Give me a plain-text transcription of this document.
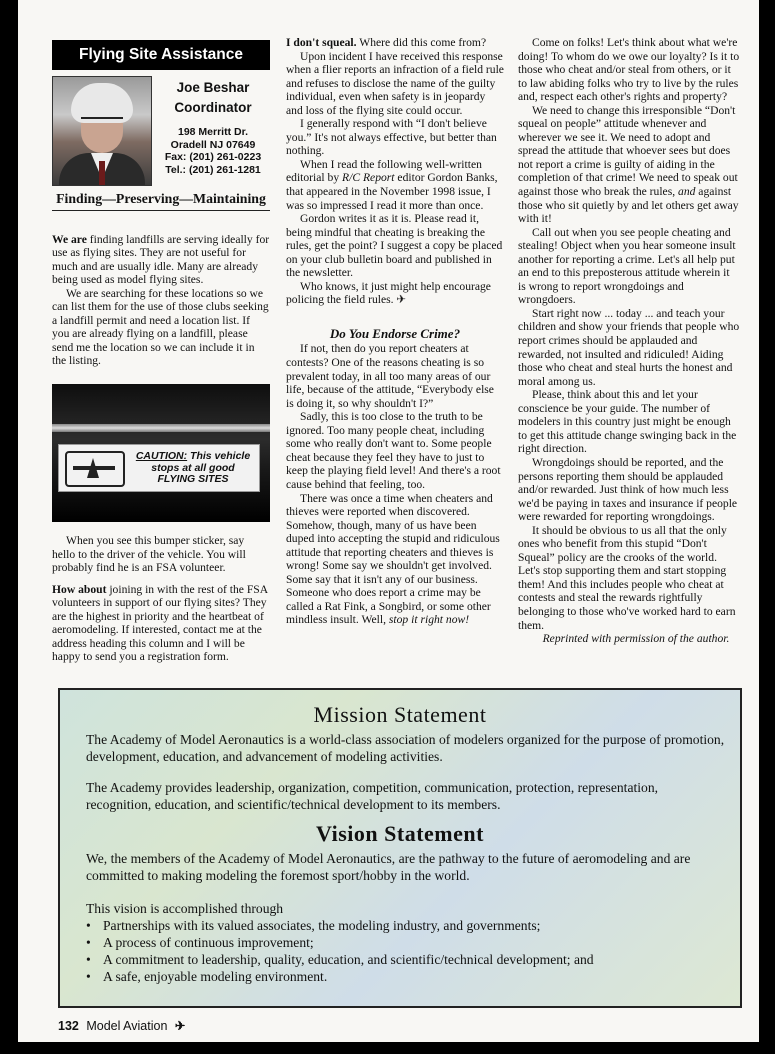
Flying Site Assistance
Joe Beshar
Coordinator
198 Merritt Dr.
Oradell NJ 07649
Fax: (201) 261-0223
Tel.: (201) 261-1281
Finding—Preserving—Maintaining

We are finding landfills are serving ideally for use as flying sites. They are not useful for much and are usually idle. Many are already being used as model flying sites.

We are searching for these locations so we can list them for the use of those clubs seeking a landfill permit and need a location list. If you are already flying on a landfill, please send me the location so we can include it in the listing.

CAUTION: This vehicle
stops at all good
FLYING SITES

When you see this bumper sticker, say hello to the driver of the vehicle. You will probably find he is an FSA volunteer.

How about joining in with the rest of the FSA volunteers in support of our flying sites? They are the highest in priority and the heartbeat of aeromodeling. If interested, contact me at the address heading this column and I will be happy to send you a registration form.

I don't squeal. Where did this come from?

Upon incident I have received this response when a flier reports an infraction of a field rule and refuses to disclose the name of the guilty individual, even when safety is in jeopardy and loss of the flying site could occur.

I generally respond with “I don't believe you.” It's not always effective, but better than nothing.

When I read the following well-written editorial by R/C Report editor Gordon Banks, that appeared in the November 1998 issue, I was so impressed I read it more than once.

Gordon writes it as it is. Please read it, being mindful that cheating is breaking the rules, get the point? I suggest a copy be placed on your club bulletin board and published in the newsletter.

Who knows, it just might help encourage policing the field rules. ✈

Do You Endorse Crime?

If not, then do you report cheaters at contests? One of the reasons cheating is so prevalent today, in all too many areas of our life, because of the attitude, “Everybody else is doing it, so why shouldn't I?”

Sadly, this is too close to the truth to be ignored. Too many people cheat, including some who really don't want to. Some people cheat because they feel they have to just to keep the playing field level! And there's a root cause behind that feeling, too.

There was once a time when cheaters and thieves were reported when discovered. Somehow, though, many of us have been duped into accepting the stupid and ridiculous attitude that reporting cheaters and thieves is wrong! Some say we shouldn't get involved. Some say that it isn't any of our business. Someone who does report a crime may be called a Rat Fink, a Songbird, or some other mindless insult. Well, stop it right now!

Come on folks! Let's think about what we're doing! To whom do we owe our loyalty? Is it to those who cheat and/or steal from others, or it to law abiding folks who try to live by the rules and, respect each other's rights and property?

We need to change this irresponsible “Don't squeal on people” attitude whenever and wherever we see it. We need to adopt and spread the attitude that whoever sees but does not report a crime is guilty of aiding in the completion of that crime! We need to speak out against those who break the rules, and against those who sit quietly by and let others get away with it!

Call out when you see people cheating and stealing! Object when you hear someone insult another for reporting a crime. Let's all help put an end to this preposterous attitude wherein it is wrong to report wrongdoings and wrongdoers.

Start right now ... today ... and teach your children and show your friends that people who report crimes should be applauded and rewarded, not insulted and ridiculed! Aiding those who cheat and steal hurts the honest and moral among us.

Please, think about this and let your conscience be your guide. The number of modelers in this country just might be enough to get this attitude change swinging back in the right direction.

Wrongdoings should be reported, and the persons reporting them should be applauded and/or rewarded. Just think of how much less we'd be paying in taxes and insurance if people were rewarded for reporting wrongdoings.

It should be obvious to us all that the only ones who benefit from this stupid “Don't Squeal” policy are the crooks of the world. Let's stop supporting them and start stopping them! And this includes people who cheat at contests and steal the rewards rightfully belonging to those who've worked hard to earn them.

Reprinted with permission of the author.

Mission Statement

The Academy of Model Aeronautics is a world-class association of modelers organized for the purpose of promotion, development, education, and advancement of modeling activities.

The Academy provides leadership, organization, competition, communication, protection, representation, recognition, education, and scientific/technical development to its members.

Vision Statement

We, the members of the Academy of Model Aeronautics, are the pathway to the future of aeromodeling and are committed to making modeling the foremost sport/hobby in the world.

This vision is accomplished through

• Partnerships with its valued associates, the modeling industry, and governments;
• A process of continuous improvement;
• A commitment to leadership, quality, education, and scientific/technical development; and
• A safe, enjoyable modeling environment.
132 Model Aviation ✈
